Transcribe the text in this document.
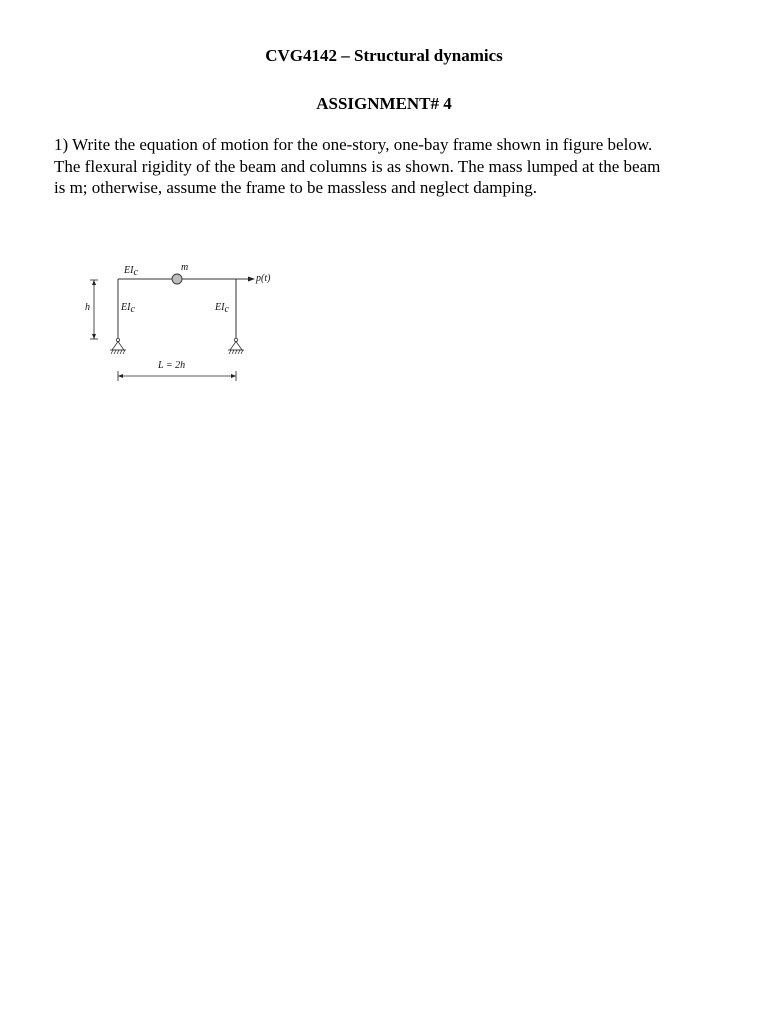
CVG4142 – Structural dynamics
ASSIGNMENT# 4

1) Write the equation of motion for the one-story, one-bay frame shown in figure below.
The flexural rigidity of the beam and columns is as shown. The mass lumped at the beam
is m; otherwise, assume the frame to be massless and neglect damping.

h
m
p(t)
EIc
EIc	EIc
L = 2h
